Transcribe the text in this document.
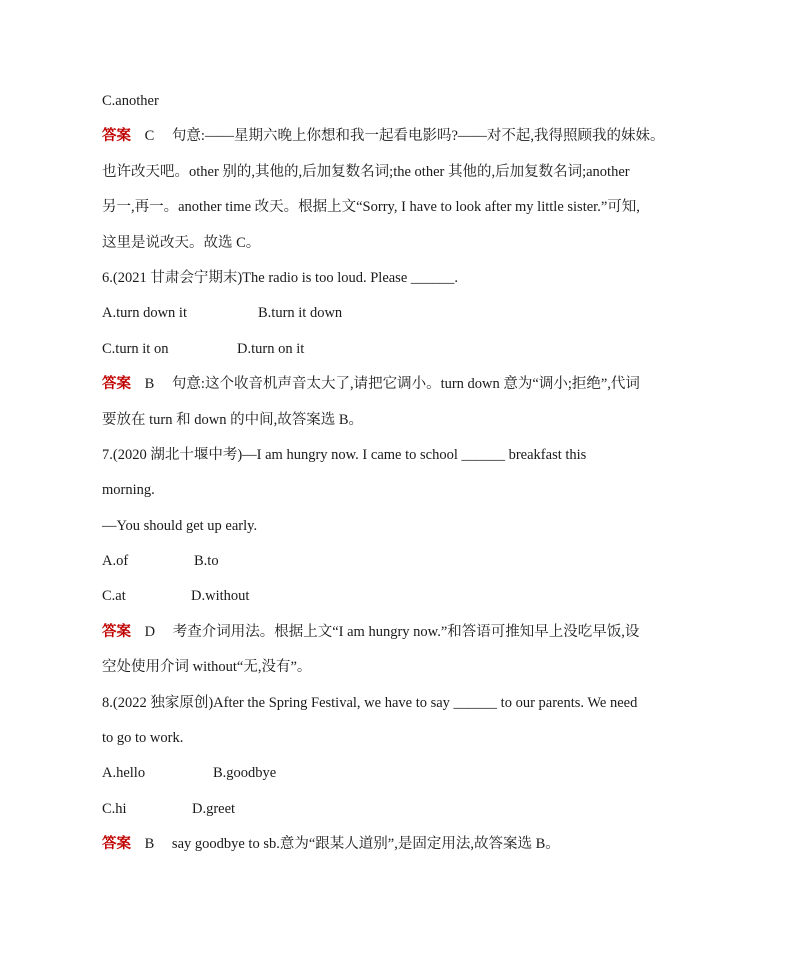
C.another
答案 C 句意:——星期六晚上你想和我一起看电影吗?——对不起,我得照顾我的妹妹。
也许改天吧。other 别的,其他的,后加复数名词;the other 其他的,后加复数名词;another
另一,再一。another time 改天。根据上文“Sorry, I have to look after my little sister.”可知,
这里是说改天。故选 C。
6.(2021 甘肃会宁期末)The radio is too loud. Please ______.
A.turn down it	B.turn it down
C.turn it on	D.turn on it
答案 B 句意:这个收音机声音太大了,请把它调小。turn down 意为“调小;拒绝”,代词
要放在 turn 和 down 的中间,故答案选 B。
7.(2020 湖北十堰中考)—I am hungry now. I came to school ______ breakfast this
morning.
—You should get up early.
A.of	B.to
C.at	D.without
答案 D 考查介词用法。根据上文“I am hungry now.”和答语可推知早上没吃早饭,设
空处使用介词 without“无,没有”。
8.(2022 独家原创)After the Spring Festival, we have to say ______ to our parents. We need
to go to work.
A.hello	B.goodbye
C.hi	D.greet
答案 B say goodbye to sb.意为“跟某人道别”,是固定用法,故答案选 B。
